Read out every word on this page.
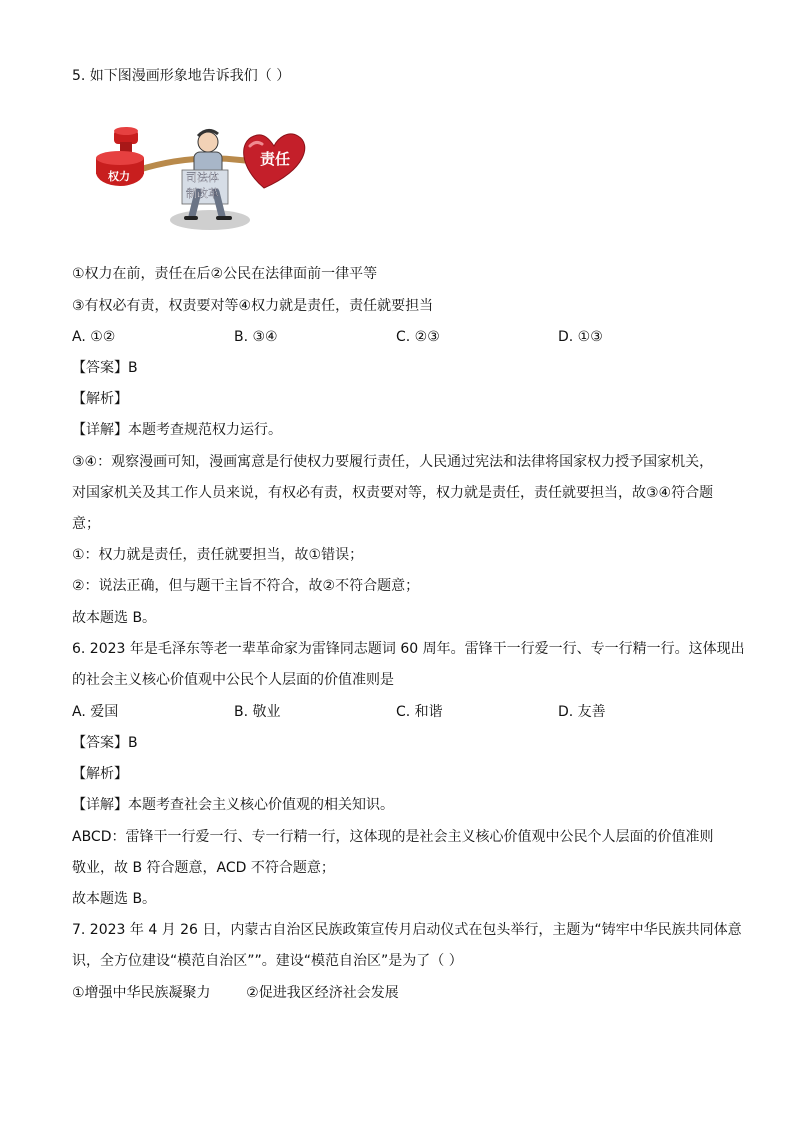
5. 如下图漫画形象地告诉我们（ ）
权力	司法体
制改革
责任
①权力在前，责任在后②公民在法律面前一律平等
③有权必有责，权责要对等④权力就是责任，责任就要担当
A. ①②	B. ③④	C. ②③	D. ①③
【答案】B
【解析】
【详解】本题考查规范权力运行。
③④：观察漫画可知，漫画寓意是行使权力要履行责任，人民通过宪法和法律将国家权力授予国家机关，
对国家机关及其工作人员来说，有权必有责，权责要对等，权力就是责任，责任就要担当，故③④符合题
意；
①：权力就是责任，责任就要担当，故①错误；
②：说法正确，但与题干主旨不符合，故②不符合题意；
故本题选 B。
6. 2023 年是毛泽东等老一辈革命家为雷锋同志题词 60 周年。雷锋干一行爱一行、专一行精一行。这体现出
的社会主义核心价值观中公民个人层面的价值准则是
A. 爱国	B. 敬业	C. 和谐	D. 友善
【答案】B
【解析】
【详解】本题考查社会主义核心价值观的相关知识。
ABCD：雷锋干一行爱一行、专一行精一行，这体现的是社会主义核心价值观中公民个人层面的价值准则
敬业，故 B 符合题意，ACD 不符合题意；
故本题选 B。
7. 2023 年 4 月 26 日，内蒙古自治区民族政策宣传月启动仪式在包头举行，主题为“铸牢中华民族共同体意
识，全方位建设“模范自治区””。建设“模范自治区”是为了（ ）
①增强中华民族凝聚力        ②促进我区经济社会发展
